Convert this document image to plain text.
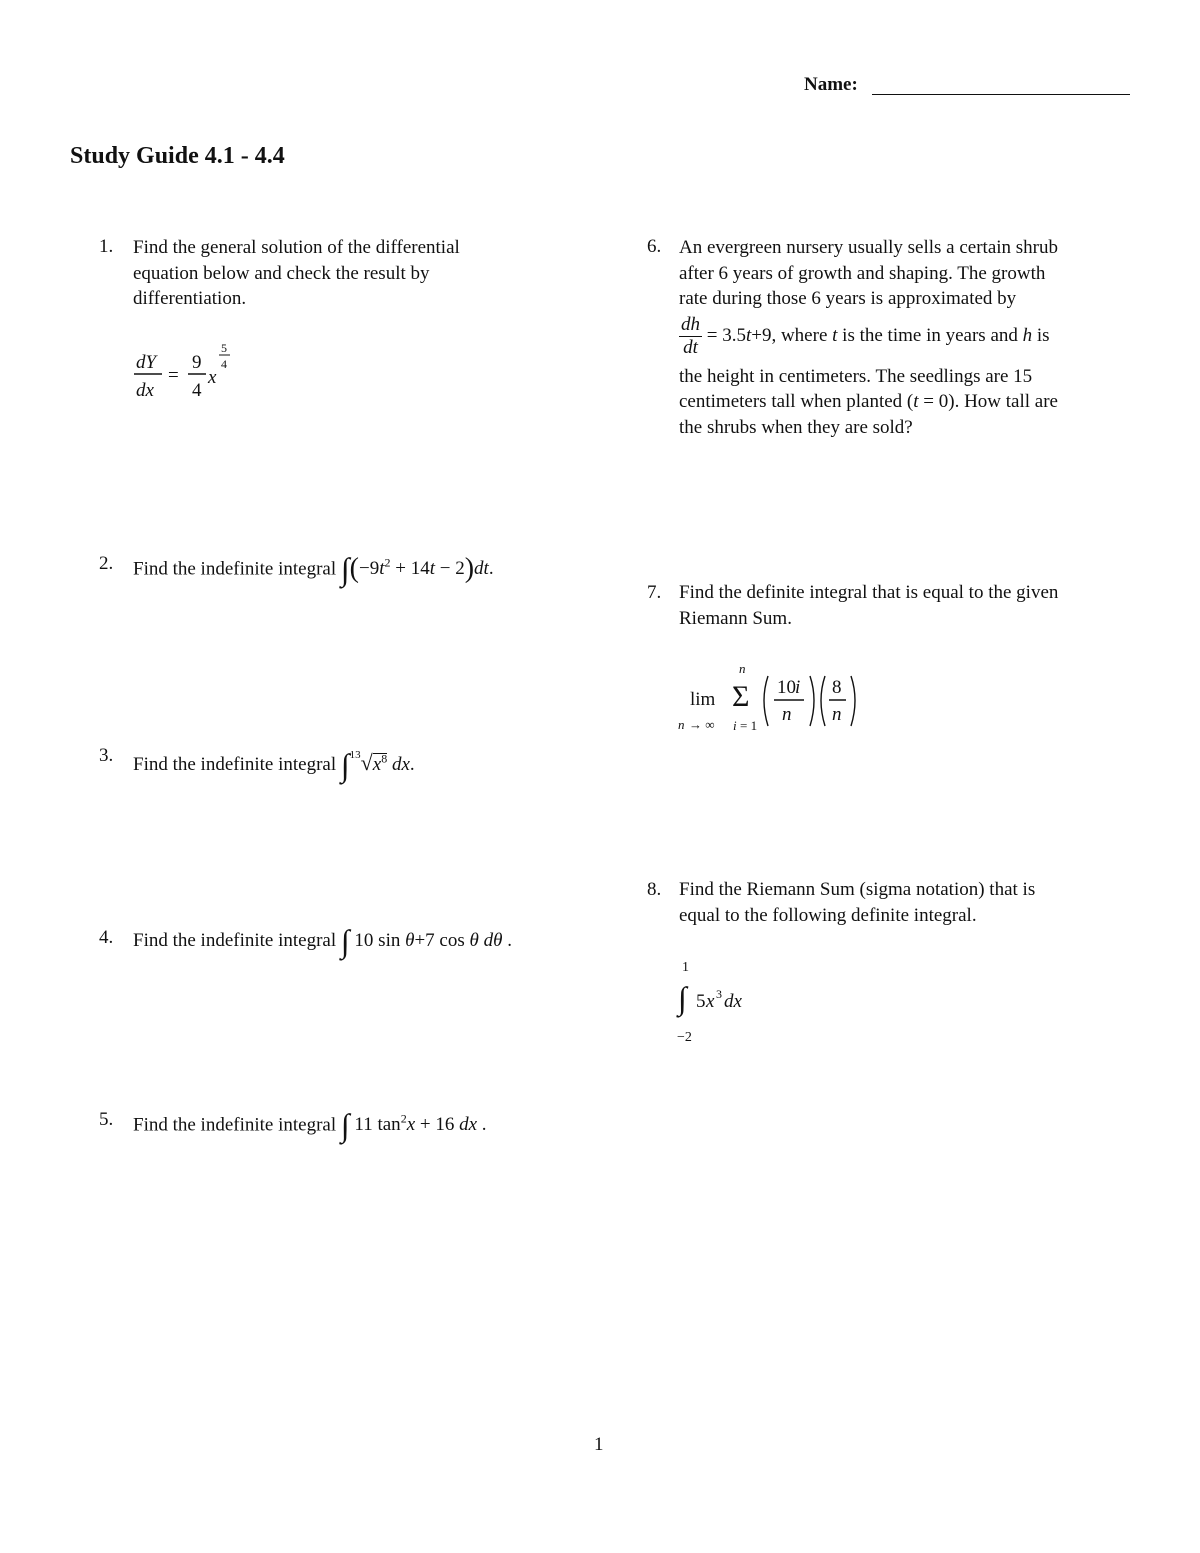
Name:
Study Guide 4.1 - 4.4
1. Find the general solution of the differential
equation below and check the result by
differentiation.
dY
dx
=
9
4
x
5
4
2. Find the indefinite integral $\int(-9t^2 + 14t - 2)dt$.
3. Find the indefinite integral $\int^{13}√x^8$ dx.
4. Find the indefinite integral ∫ 10 sin θ+7 cos θ dθ .
5. Find the indefinite integral ∫ 11 $\tan^2x + 16$ dx .
6. An evergreen nursery usually sells a certain shrub
after 6 years of growth and shaping. The growth
rate during those 6 years is approximated by
$\frac{dh}{dt} = 3.5t+9$, where t is the time in years and h is
the height in centimeters. The seedlings are 15
centimeters tall when planted (t = 0). How tall are
the shrubs when they are sold?
7. Find the definite integral that is equal to the given
Riemann Sum.
lim
n → ∞
n
Σ
i = 1
10 i
n
8
n
8. Find the Riemann Sum (sigma notation) that is
equal to the following definite integral.
1
∫ 5 x 3 dx
−2
1
